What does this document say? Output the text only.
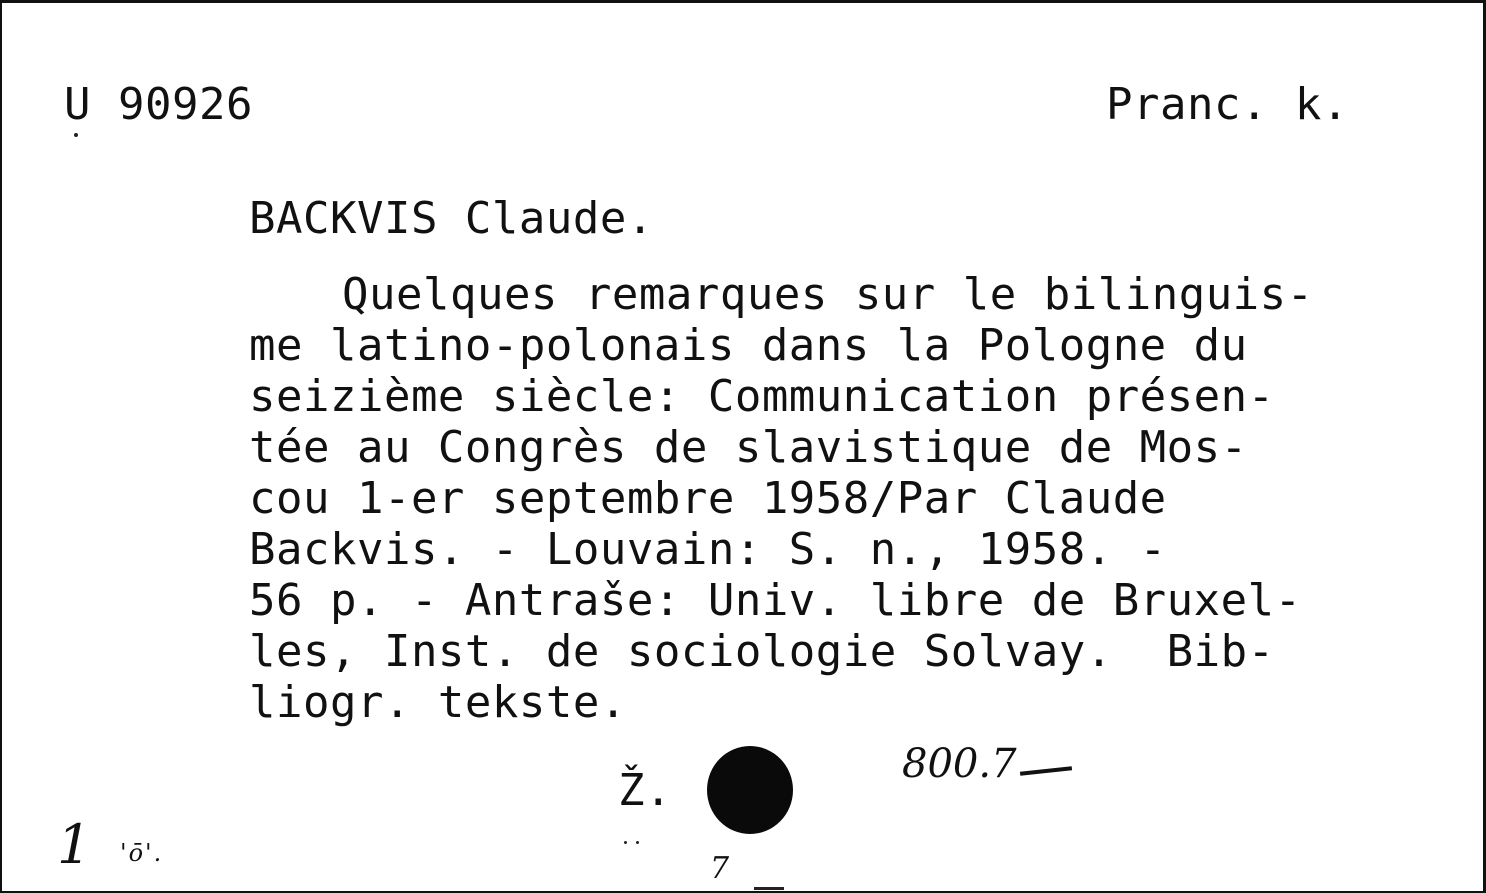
U 90926	Pranc. k.
BACKVIS Claude.
Quelques remarques sur le bilinguis-
me latino-polonais dans la Pologne du
seizième siècle: Communication présen-
tée au Congrès de slavistique de Mos-
cou 1-er septembre 1958/Par Claude
Backvis. - Louvain: S. n., 1958. -
56 p. - Antraše: Univ. libre de Bruxel-
les, Inst. de sociologie Solvay.  Bib-
liogr. tekste.
Ž.
800.7
7
1 'ō'.
